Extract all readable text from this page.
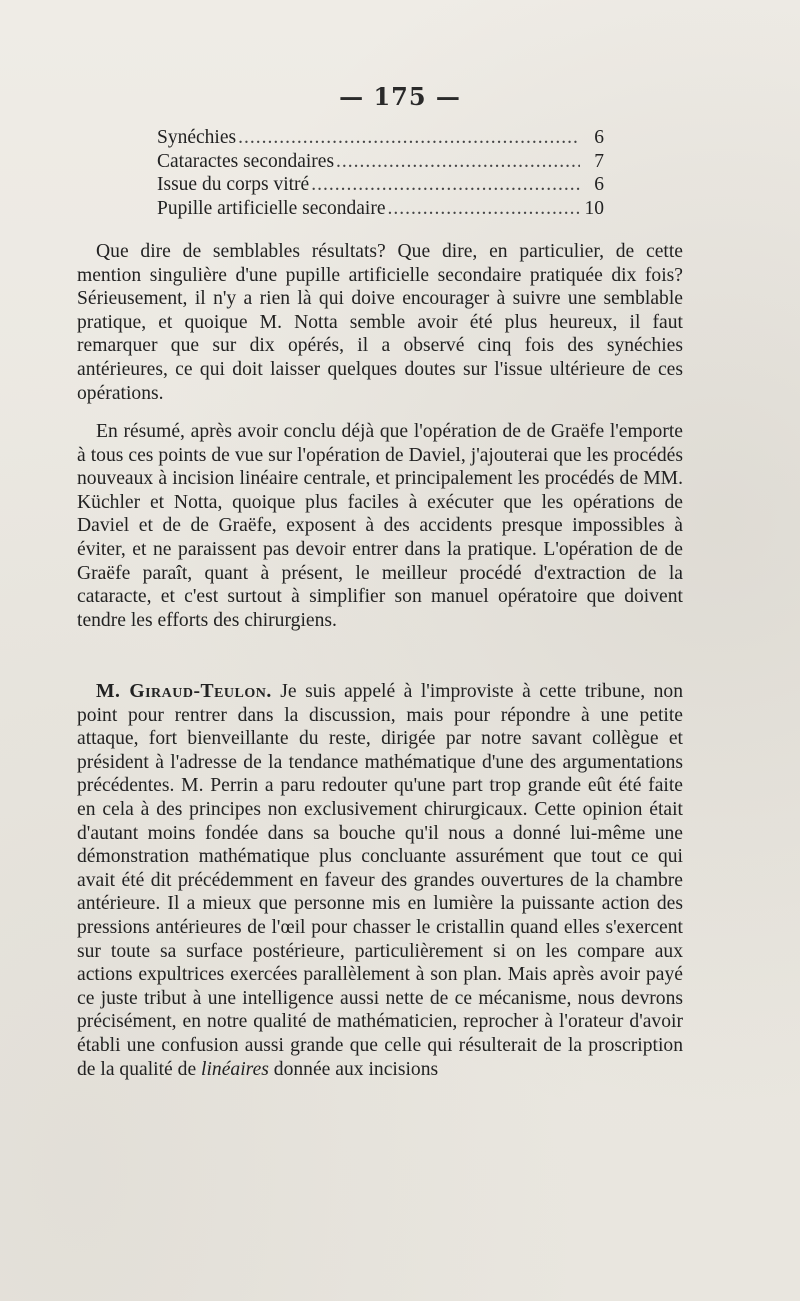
— 175 —
Synéchies .....	6
Cataractes secondaires .....	7
Issue du corps vitré .....	6
Pupille artificielle secondaire .....	10

Que dire de semblables résultats? Que dire, en particulier, de cette mention singulière d'une pupille artificielle secondaire pratiquée dix fois? Sérieusement, il n'y a rien là qui doive encourager à suivre une semblable pratique, et quoique M. Notta semble avoir été plus heureux, il faut remarquer que sur dix opérés, il a observé cinq fois des synéchies antérieures, ce qui doit laisser quelques doutes sur l'issue ultérieure de ces opérations.

En résumé, après avoir conclu déjà que l'opération de de Graëfe l'emporte à tous ces points de vue sur l'opération de Daviel, j'ajouterai que les procédés nouveaux à incision linéaire centrale, et principalement les procédés de MM. Küchler et Notta, quoique plus faciles à exécuter que les opérations de Daviel et de de Graëfe, exposent à des accidents presque impossibles à éviter, et ne paraissent pas devoir entrer dans la pratique. L'opération de de Graëfe paraît, quant à présent, le meilleur procédé d'extraction de la cataracte, et c'est surtout à simplifier son manuel opératoire que doivent tendre les efforts des chirurgiens.

M. Giraud-Teulon. Je suis appelé à l'improviste à cette tribune, non point pour rentrer dans la discussion, mais pour répondre à une petite attaque, fort bienveillante du reste, dirigée par notre savant collègue et président à l'adresse de la tendance mathématique d'une des argumentations précédentes. M. Perrin a paru redouter qu'une part trop grande eût été faite en cela à des principes non exclusivement chirurgicaux. Cette opinion était d'autant moins fondée dans sa bouche qu'il nous a donné lui-même une démonstration mathématique plus concluante assurément que tout ce qui avait été dit précédemment en faveur des grandes ouvertures de la chambre antérieure. Il a mieux que personne mis en lumière la puissante action des pressions antérieures de l'œil pour chasser le cristallin quand elles s'exercent sur toute sa surface postérieure, particulièrement si on les compare aux actions expultrices exercées parallèlement à son plan. Mais après avoir payé ce juste tribut à une intelligence aussi nette de ce mécanisme, nous devrons précisément, en notre qualité de mathématicien, reprocher à l'orateur d'avoir établi une confusion aussi grande que celle qui résulterait de la proscription de la qualité de linéaires donnée aux incisions
